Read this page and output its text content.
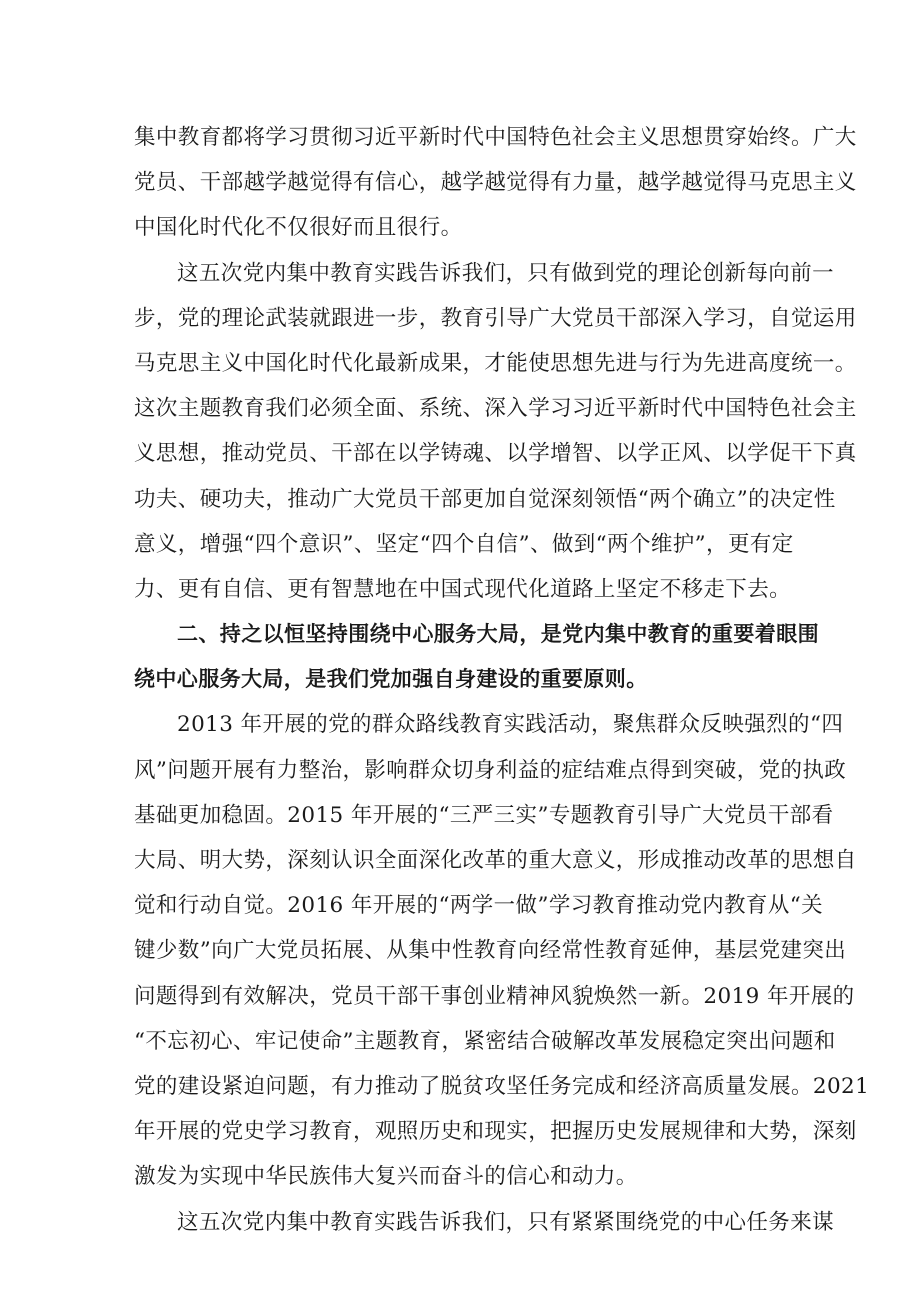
集中教育都将学习贯彻习近平新时代中国特色社会主义思想贯穿始终。广大
党员、干部越学越觉得有信心，越学越觉得有力量，越学越觉得马克思主义
中国化时代化不仅很好而且很行。
这五次党内集中教育实践告诉我们，只有做到党的理论创新每向前一
步，党的理论武装就跟进一步，教育引导广大党员干部深入学习，自觉运用
马克思主义中国化时代化最新成果，才能使思想先进与行为先进高度统一。
这次主题教育我们必须全面、系统、深入学习习近平新时代中国特色社会主
义思想，推动党员、干部在以学铸魂、以学增智、以学正风、以学促干下真
功夫、硬功夫，推动广大党员干部更加自觉深刻领悟“两个确立”的决定性
意义，增强“四个意识”、坚定“四个自信”、做到“两个维护”，更有定
力、更有自信、更有智慧地在中国式现代化道路上坚定不移走下去。
二、持之以恒坚持围绕中心服务大局，是党内集中教育的重要着眼围
绕中心服务大局，是我们党加强自身建设的重要原则。
2013 年开展的党的群众路线教育实践活动，聚焦群众反映强烈的“四
风”问题开展有力整治，影响群众切身利益的症结难点得到突破，党的执政
基础更加稳固。2015 年开展的“三严三实”专题教育引导广大党员干部看
大局、明大势，深刻认识全面深化改革的重大意义，形成推动改革的思想自
觉和行动自觉。2016 年开展的“两学一做”学习教育推动党内教育从“关
键少数”向广大党员拓展、从集中性教育向经常性教育延伸，基层党建突出
问题得到有效解决，党员干部干事创业精神风貌焕然一新。2019 年开展的
“不忘初心、牢记使命”主题教育，紧密结合破解改革发展稳定突出问题和
党的建设紧迫问题，有力推动了脱贫攻坚任务完成和经济高质量发展。2021
年开展的党史学习教育，观照历史和现实，把握历史发展规律和大势，深刻
激发为实现中华民族伟大复兴而奋斗的信心和动力。
这五次党内集中教育实践告诉我们，只有紧紧围绕党的中心任务来谋
